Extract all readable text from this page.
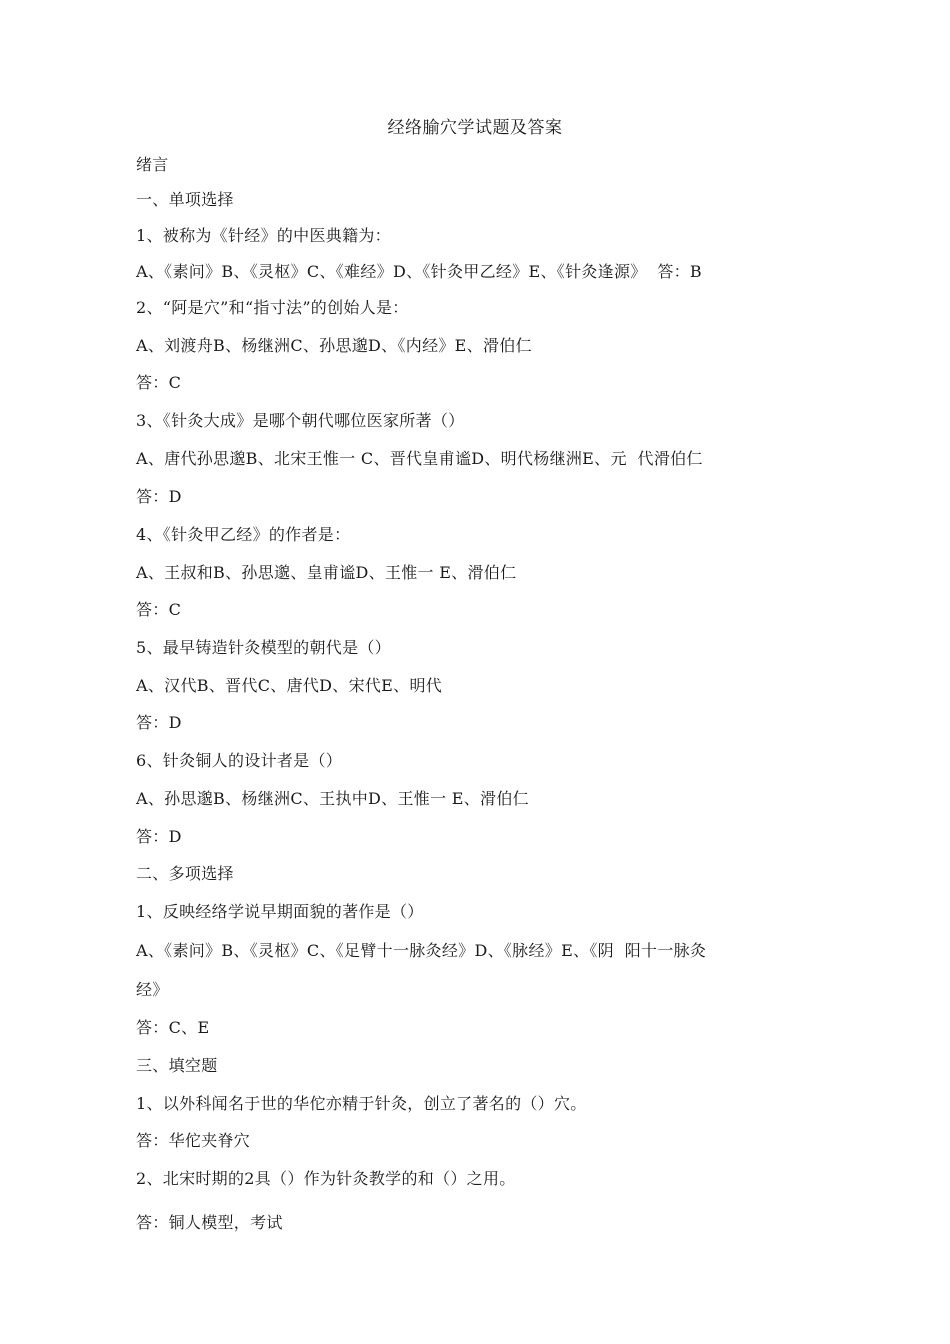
经络腧穴学试题及答案
绪言
一、单项选择
1、被称为《针经》的中医典籍为：
A、《素问》B、《灵枢》C、《难经》D、《针灸甲乙经》E、《针灸逢源》  答：B
2、“阿是穴”和“指寸法”的创始人是：
A、刘渡舟B、杨继洲C、孙思邈D、《内经》E、滑伯仁
答：C
3、《针灸大成》是哪个朝代哪位医家所著（）
A、唐代孙思邈B、北宋王惟一 C、晋代皇甫谧D、明代杨继洲E、元  代滑伯仁
答：D
4、《针灸甲乙经》的作者是：
A、王叔和B、孙思邈、皇甫谧D、王惟一 E、滑伯仁
答：C
5、最早铸造针灸模型的朝代是（）
A、汉代B、晋代C、唐代D、宋代E、明代
答：D
6、针灸铜人的设计者是（）
A、孙思邈B、杨继洲C、王执中D、王惟一 E、滑伯仁
答：D
二、多项选择
1、反映经络学说早期面貌的著作是（）
A、《素问》B、《灵枢》C、《足臂十一脉灸经》D、《脉经》E、《阴  阳十一脉灸
经》
答：C、E
三、填空题
1、以外科闻名于世的华佗亦精于针灸，创立了著名的（）穴。
答：华佗夹脊穴
2、北宋时期的2具（）作为针灸教学的和（）之用。
答：铜人模型，考试
